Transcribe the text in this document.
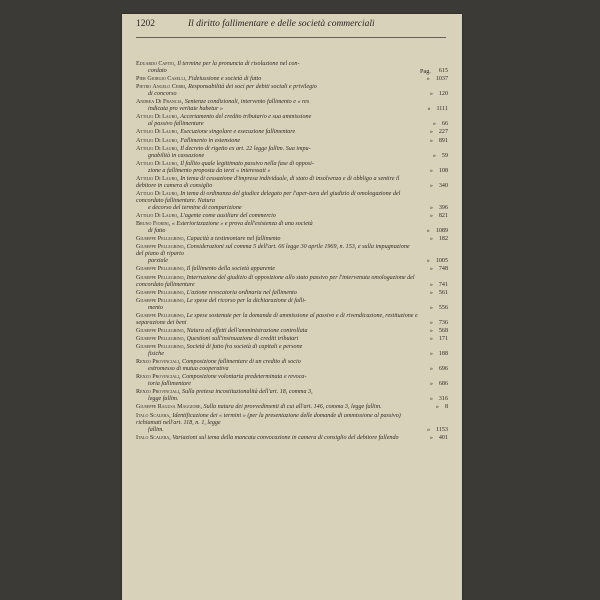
1202	Il diritto fallimentare e delle società commerciali
Pag.
Eduardo Capito, Il termine per la pronuncia di risoluzione nel con-
cordato	615
Pier Giorgio Caselli, Fideiussione e società di fatto	» 1037
Pietro Angelo Cerri, Responsabilità dei soci per debiti sociali e privilegio
di concorso	» 120
Andrea Di Francia, Sentenze condizionali, intervento fallimento e « res
indicata pro veritate habetur »	» 1111
Attilio Di Lauro, Accertamento del credito tributario e sua ammissione
al passivo fallimentare	» 66
Attilio Di Lauro, Esecuzione singolare e esecuzione fallimentare	» 227
Attilio Di Lauro, Fallimento in estensione	» 891
Attilio Di Lauro, Il decreto di rigetto ex art. 22 legge fallim. Sua impu-
gnabilità in cassazione	» 59
Attilio Di Lauro, Il fallito quale legittimato passivo nella fase di opposi-
zione a fallimento proposta da terzi « interessati »	» 108
Attilio Di Lauro, In tema di cessazione d'impresa individuale, di stato di insolvenza e di obbligo a sentire il debitore in camera di consiglio	» 340
Attilio Di Lauro, In tema di ordinanza del giudice delegato per l'aper-tura del giudizio di omologazione del concordato fallimentare. Natura
e decorso del termine di comparizione	» 396
Attilio Di Lauro, L'agente come ausiliare del commercio	» 821
Bruno Fiorini, « Esteriorizzazione » e prova dell'esistenza di una società
di fatto	» 1089
Giuseppe Pellegrino, Capacità a testimoniare nel fallimento	» 182
Giuseppe Pellegrino, Considerazioni sul comma 5 dell'art. 66 legge 30 aprile 1969, n. 153, e sulla impugnazione del piano di riparto
parziale	» 1005
Giuseppe Pellegrino, Il fallimento della società apparente	» 748
Giuseppe Pellegrino, Interruzione del giudizio di opposizione allo stato passivo per l'intervenuta omologazione del concordato fallimentare	» 741
Giuseppe Pellegrino, L'azione revocatoria ordinaria nel fallimento	» 561
Giuseppe Pellegrino, Le spese del ricorso per la dichiarazione di falli-
mento	» 556
Giuseppe Pellegrino, Le spese sostenute per la domanda di ammissione al passivo e di rivendicazione, restituzione e separazione dei beni	» 736
Giuseppe Pellegrino, Natura ed effetti dell'amministrazione controllata	» 568
Giuseppe Pellegrino, Questioni sull'insinuazione di crediti tributari	» 171
Giuseppe Pellegrino, Società di fatto fra società di capitali e persone
fisiche	» 188
Renzo Provinciali, Composizione fallimentare di un credito di socio
estromesso di mutua cooperativa	» 696
Renzo Provinciali, Composizione volontaria predeterminata e revoca-
toria fallimentare	» 686
Renzo Provinciali, Sulla pretesa incostituzionalità dell'art. 18, comma 3,
legge fallim.	» 316
Giuseppe Ragusa Maggiore, Sulla natura dei provvedimenti di cui all'art. 146, comma 3, legge fallim.	» 8
Italo Scalera, Identificazione dei « termini » (per la presentazione delle domande di ammissione al passivo) richiamati nell'art. 118, n. 1, legge
fallim.	» 1153
Italo Scalera, Variazioni sul tema della mancata convocazione in camera di consiglio del debitore fallendo	» 401
